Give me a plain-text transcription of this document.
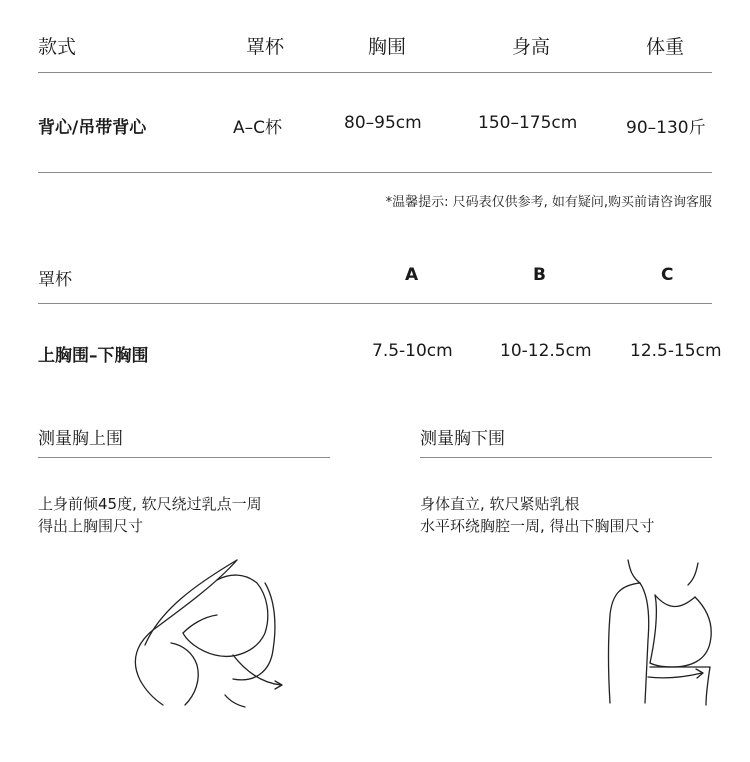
款式	罩杯	胸围	身高	体重
背心/吊带背心	A–C杯	80–95cm	150–175cm	90–130斤
*温馨提示: 尺码表仅供参考, 如有疑问,购买前请咨询客服
罩杯	A	B	C
上胸围–下胸围	7.5-10cm	10-12.5cm 12.5-15cm
测量胸上围
上身前倾45度, 软尺绕过乳点一周
得出上胸围尺寸
测量胸下围
身体直立, 软尺紧贴乳根
水平环绕胸腔一周, 得出下胸围尺寸
